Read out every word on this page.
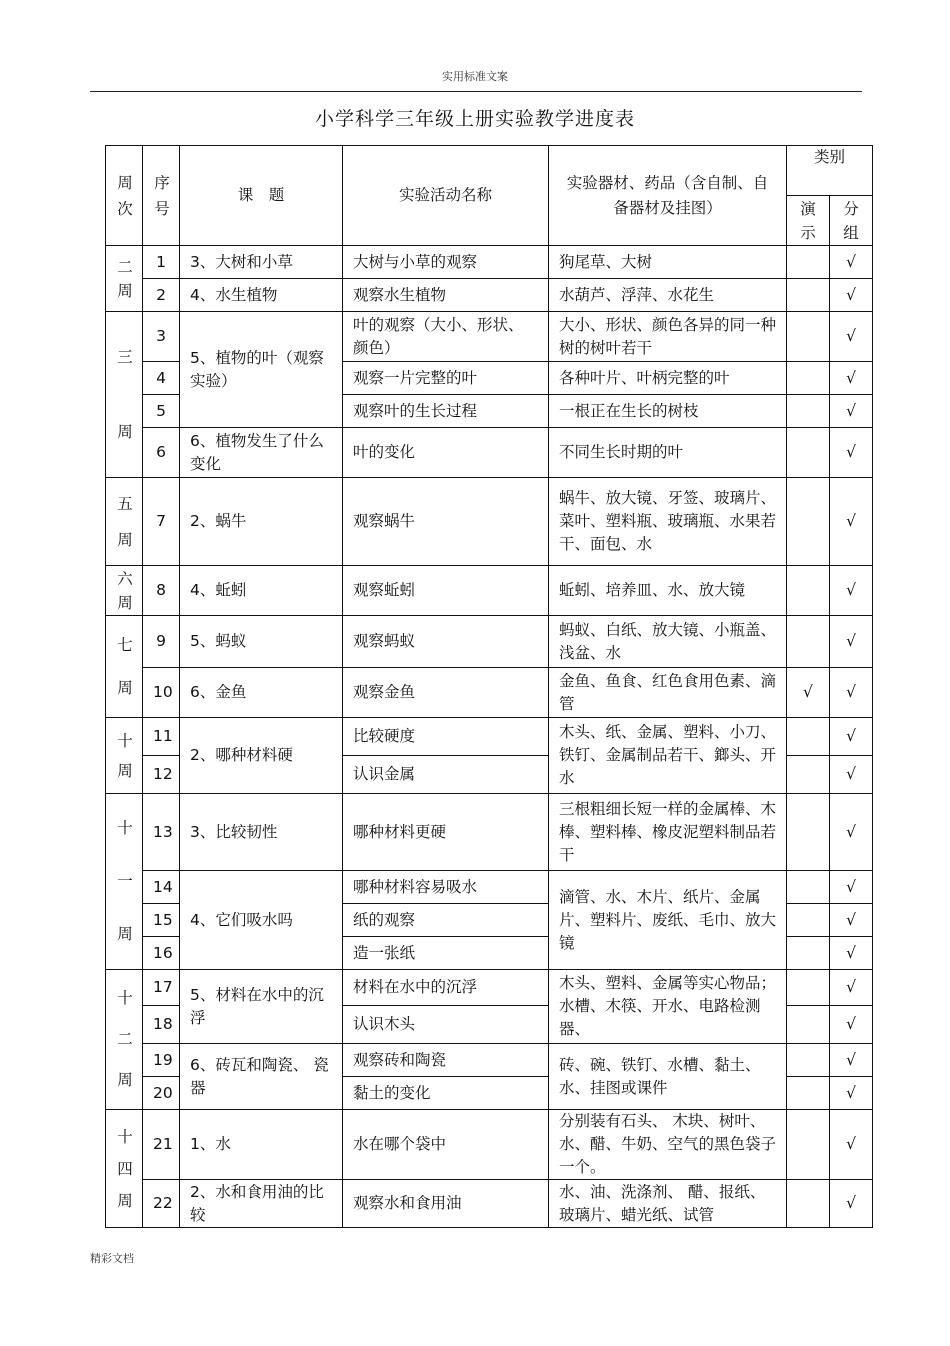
实用标准文案
小学科学三年级上册实验教学进度表
周次	序号	课　题	实验活动名称	实验器材、药品（含自制、自备器材及挂图）	类别	
					演示	分组

二周	1	3、大树和小草	大树与小草的观察	狗尾草、大树		√
	2	4、水生植物	观察水生植物	水葫芦、浮萍、水花生		√

三周	3	5、植物的叶（观察实验）	叶的观察（大小、形状、颜色）	大小、形状、颜色各异的同一种树的树叶若干		√
	4		观察一片完整的叶	各种叶片、叶柄完整的叶		√
	5		观察叶的生长过程	一根正在生长的树枝		√
	6	6、植物发生了什么变化	叶的变化	不同生长时期的叶		√

五周	7	2、蜗牛	观察蜗牛	蜗牛、放大镜、牙签、玻璃片、菜叶、塑料瓶、玻璃瓶、水果若干、面包、水		√

六周	8	4、蚯蚓	观察蚯蚓	蚯蚓、培养皿、水、放大镜		√

七周	9	5、蚂蚁	观察蚂蚁	蚂蚁、白纸、放大镜、小瓶盖、浅盆、水		√
	10	6、金鱼	观察金鱼	金鱼、鱼食、红色食用色素、滴管	√	√

十周	11	2、哪种材料硬	比较硬度	木头、纸、金属、塑料、小刀、铁钉、金属制品若干、鎯头、开水		√
	12		认识金属			√

十一周	13	3、比较韧性	哪种材料更硬	三根粗细长短一样的金属棒、木棒、塑料棒、橡皮泥塑料制品若干		√
	14	4、它们吸水吗	哪种材料容易吸水	滴管、水、木片、纸片、金属片、塑料片、废纸、毛巾、放大镜		√
	15		纸的观察			√
	16		造一张纸			√

十二周	17	5、材料在水中的沉浮	材料在水中的沉浮	木头、塑料、金属等实心物品；水槽、木筷、开水、电路检测器、		√
	18		认识木头			√
	19	6、砖瓦和陶瓷、 瓷器	观察砖和陶瓷	砖、碗、铁钉、水槽、黏土、水、挂图或课件		√
	20		黏土的变化			√

十四周	21	1、水	水在哪个袋中	分别装有石头、 木块、树叶、水、醋、牛奶、空气的黑色袋子一个。		√
	22	2、水和食用油的比较	观察水和食用油	水、油、洗涤剂、 醋、报纸、玻璃片、蜡光纸、试管		√
精彩文档
